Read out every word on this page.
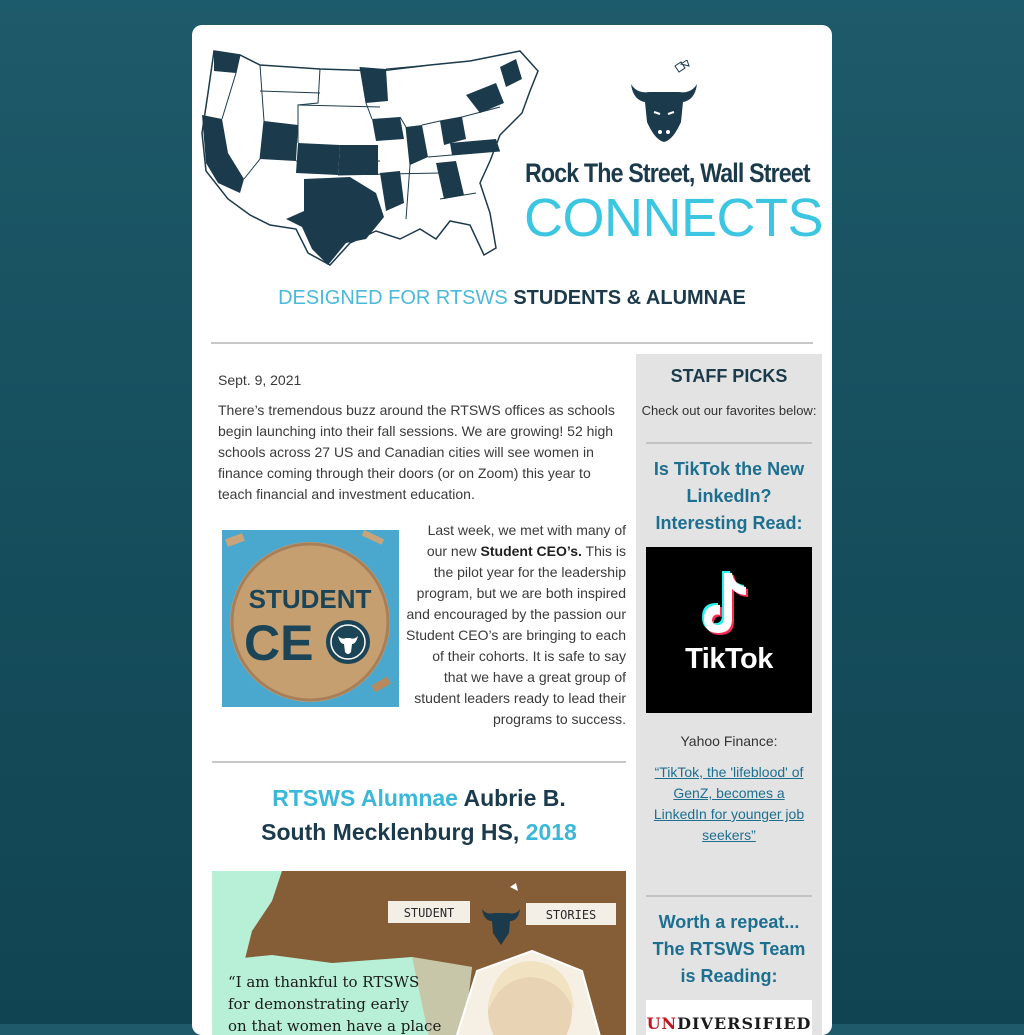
Rock The Street, Wall Street
CONNECTS
DESIGNED FOR RTSWS STUDENTS & ALUMNAE
Sept. 9, 2021
There’s tremendous buzz around the RTSWS offices as schools begin launching into their fall sessions. We are growing! 52 high schools across 27 US and Canadian cities will see women in finance coming through their doors (or on Zoom) this year to teach financial and investment education.
STUDENT
CE
Last week, we met with many of our new Student CEO’s. This is the pilot year for the leadership program, but we are both inspired and encouraged by the passion our Student CEO’s are bringing to each of their cohorts. It is safe to say that we have a great group of student leaders ready to lead their programs to success.
RTSWS Alumnae Aubrie B.
South Mecklenburg HS, 2018
STUDENT	STORIES
“I am thankful to RTSWS
for demonstrating early
on that women have a place
STAFF PICKS
Check out our favorites below:
Is TikTok the New LinkedIn? Interesting Read:
TikTok
Yahoo Finance:
“TikTok, the 'lifeblood' of GenZ, becomes a LinkedIn for younger job seekers”
Worth a repeat... The RTSWS Team is Reading:
UNDIVERSIFIED
